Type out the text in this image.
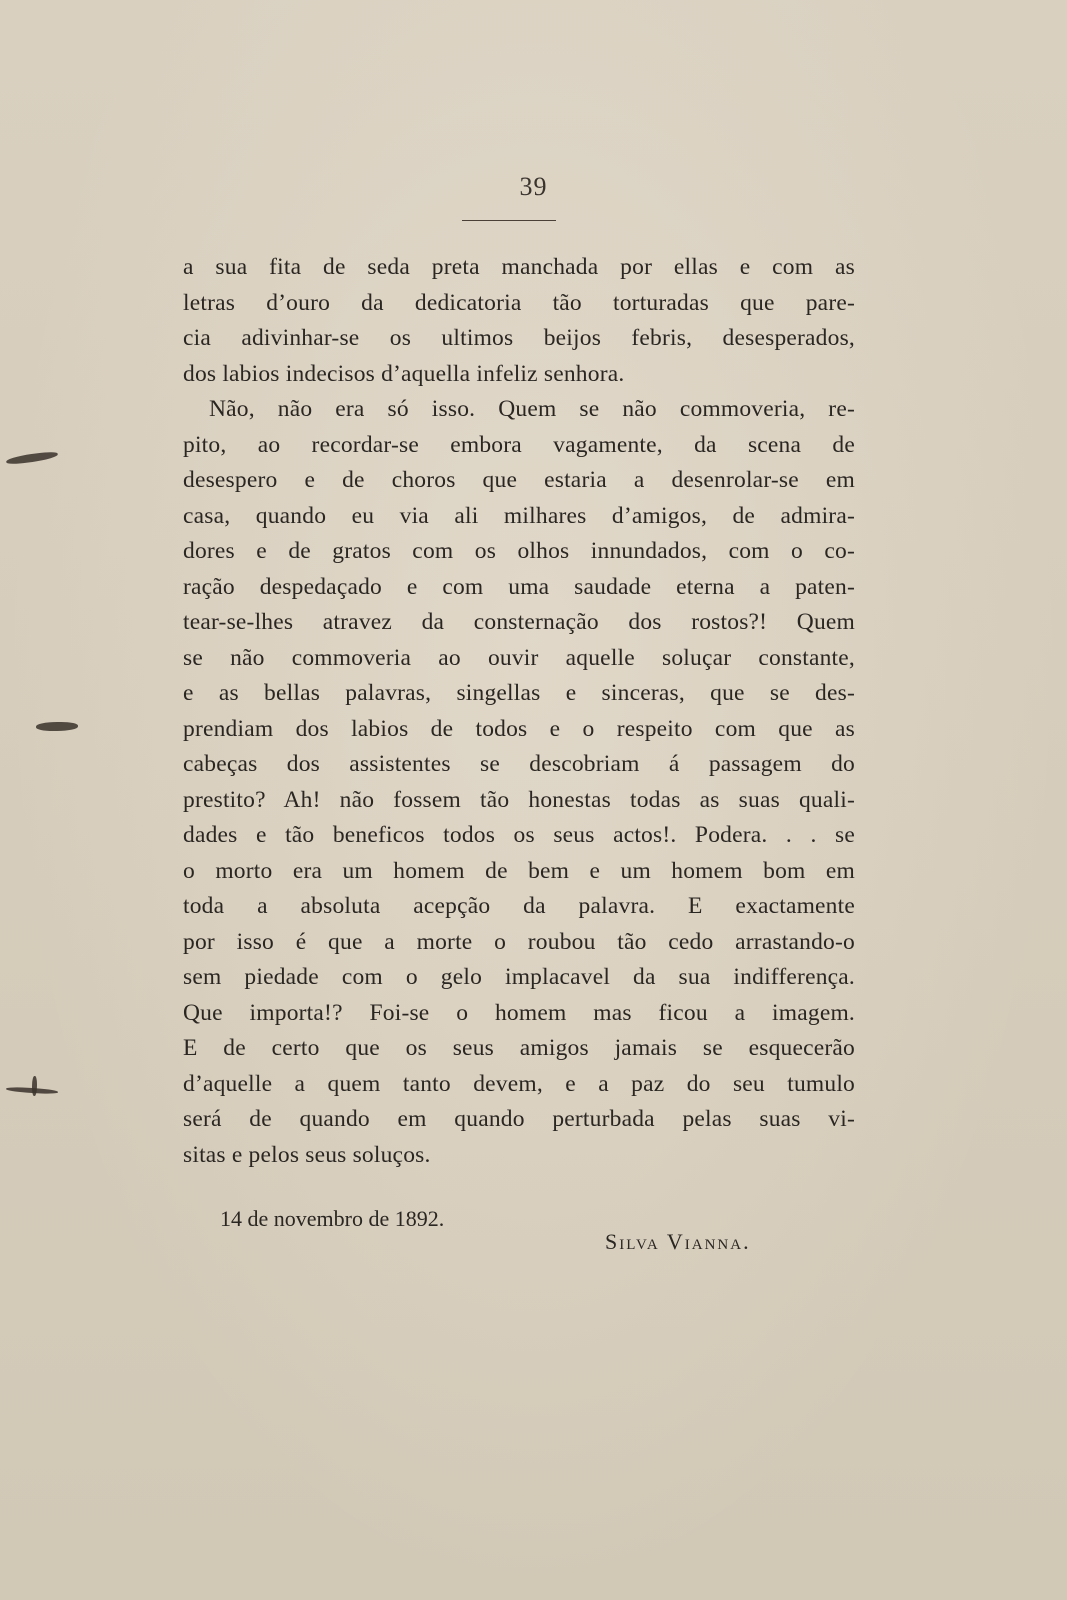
39
a sua fita de seda preta manchada por ellas e com as
letras d’ouro da dedicatoria tão torturadas que pare-
cia adivinhar-se os ultimos beijos febris, desesperados,
dos labios indecisos d’aquella infeliz senhora.
Não, não era só isso. Quem se não commoveria, re-
pito, ao recordar-se embora vagamente, da scena de
desespero e de choros que estaria a desenrolar-se em
casa, quando eu via ali milhares d’amigos, de admira-
dores e de gratos com os olhos innundados, com o co-
ração despedaçado e com uma saudade eterna a paten-
tear-se-lhes atravez da consternação dos rostos?! Quem
se não commoveria ao ouvir aquelle soluçar constante,
e as bellas palavras, singellas e sinceras, que se des-
prendiam dos labios de todos e o respeito com que as
cabeças dos assistentes se descobriam á passagem do
prestito? Ah! não fossem tão honestas todas as suas quali-
dades e tão beneficos todos os seus actos!. Podera. . . se
o morto era um homem de bem e um homem bom em
toda a absoluta acepção da palavra. E exactamente
por isso é que a morte o roubou tão cedo arrastando-o
sem piedade com o gelo implacavel da sua indifferença.
Que importa!? Foi-se o homem mas ficou a imagem.
E de certo que os seus amigos jamais se esquecerão
d’aquelle a quem tanto devem, e a paz do seu tumulo
será de quando em quando perturbada pelas suas vi-
sitas e pelos seus soluços.
14 de novembro de 1892.
Silva Vianna.
